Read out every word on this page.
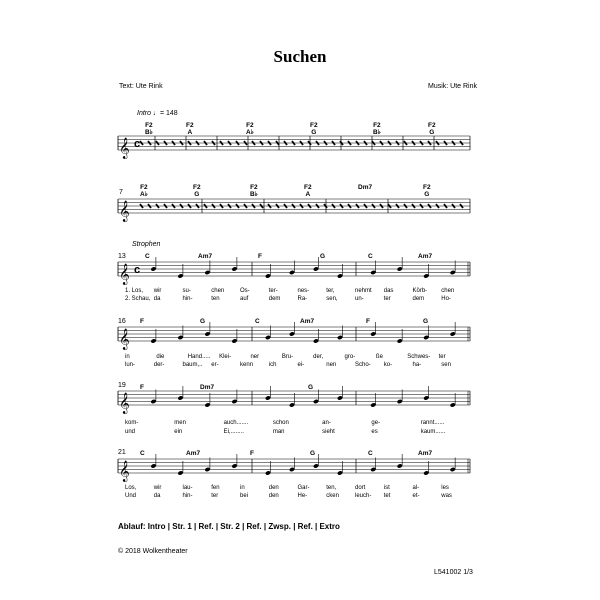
Suchen
Text: Ute Rink	Musik: Ute Rink
Intro ♩= 148
Strophen
7
13
16
19
21
F2
B♭
F2
A
F2
A♭
F2
G
F2
B♭
F2
G
F2
A♭
F2
G
F2
B♭
F2
A
Dm7	F2
G
C	Am7	F	G	C	Am7
F	G	C	Am7	F	G
F	Dm7	G
C	Am7	F	G	C	Am7
1. Los, wir	su-	chen	Os-	ter-	nes-	ter,	nehmt das	Körb- chen
2. Schau, da	hin-	ten	auf	dem	Ra-	sen,	un-	ter	dem	Ho-
in	die	Hand..... Klei-	ner	Bru-	der,	gro-	ße	Schwes- ter
lun-	der-	baum,.. er-	kenn	ich	ei-	nen	Scho- ko-	ha-	sen
kom-	men	auch.......	schon	an-	ge-	rannt......
und	ein	Ei,........	man	sieht	es	kaum......
Los,	wir	lau-	fen	in	den	Gar-	ten,	dort	ist	al-	les
Und	da	hin-	ter	bei	den	He-	cken	leuch- tet	et-	was
𝄞 c
𝄞
𝄞 c
𝄞
𝄞
𝄞
Ablauf: Intro | Str. 1 | Ref. | Str. 2 | Ref. | Zwsp. | Ref. | Extro
© 2018 Wolkentheater
L541002 1/3
